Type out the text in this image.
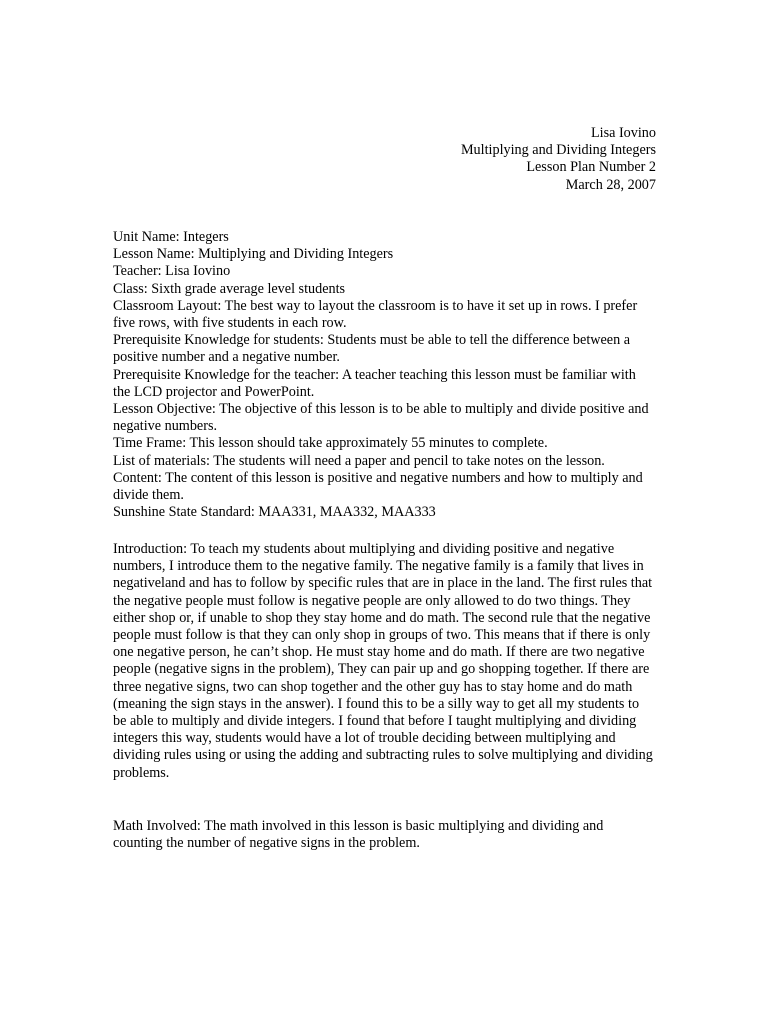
Lisa Iovino
Multiplying and Dividing Integers
Lesson Plan Number 2
March 28, 2007

Unit Name: Integers

Lesson Name: Multiplying and Dividing Integers

Teacher: Lisa Iovino

Class: Sixth grade average level students

Classroom Layout: The best way to layout the classroom is to have it set up in rows. I prefer five rows, with five students in each row.

Prerequisite Knowledge for students: Students must be able to tell the difference between a positive number and a negative number.

Prerequisite Knowledge for the teacher: A teacher teaching this lesson must be familiar with the LCD projector and PowerPoint.

Lesson Objective: The objective of this lesson is to be able to multiply and divide positive and negative numbers.

Time Frame: This lesson should take approximately 55 minutes to complete.

List of materials: The students will need a paper and pencil to take notes on the lesson.

Content: The content of this lesson is positive and negative numbers and how to multiply and divide them.

Sunshine State Standard: MAA331, MAA332, MAA333

Introduction: To teach my students about multiplying and dividing positive and negative numbers, I introduce them to the negative family. The negative family is a family that lives in negativeland and has to follow by specific rules that are in place in the land. The first rules that the negative people must follow is negative people are only allowed to do two things. They either shop or, if unable to shop they stay home and do math. The second rule that the negative people must follow is that they can only shop in groups of two. This means that if there is only one negative person, he can’t shop. He must stay home and do math. If there are two negative people (negative signs in the problem), They can pair up and go shopping together. If there are three negative signs, two can shop together and the other guy has to stay home and do math (meaning the sign stays in the answer). I found this to be a silly way to get all my students to be able to multiply and divide integers. I found that before I taught multiplying and dividing integers this way, students would have a lot of trouble deciding between multiplying and dividing rules using or using the adding and subtracting rules to solve multiplying and dividing problems.

Math Involved: The math involved in this lesson is basic multiplying and dividing and counting the number of negative signs in the problem.
